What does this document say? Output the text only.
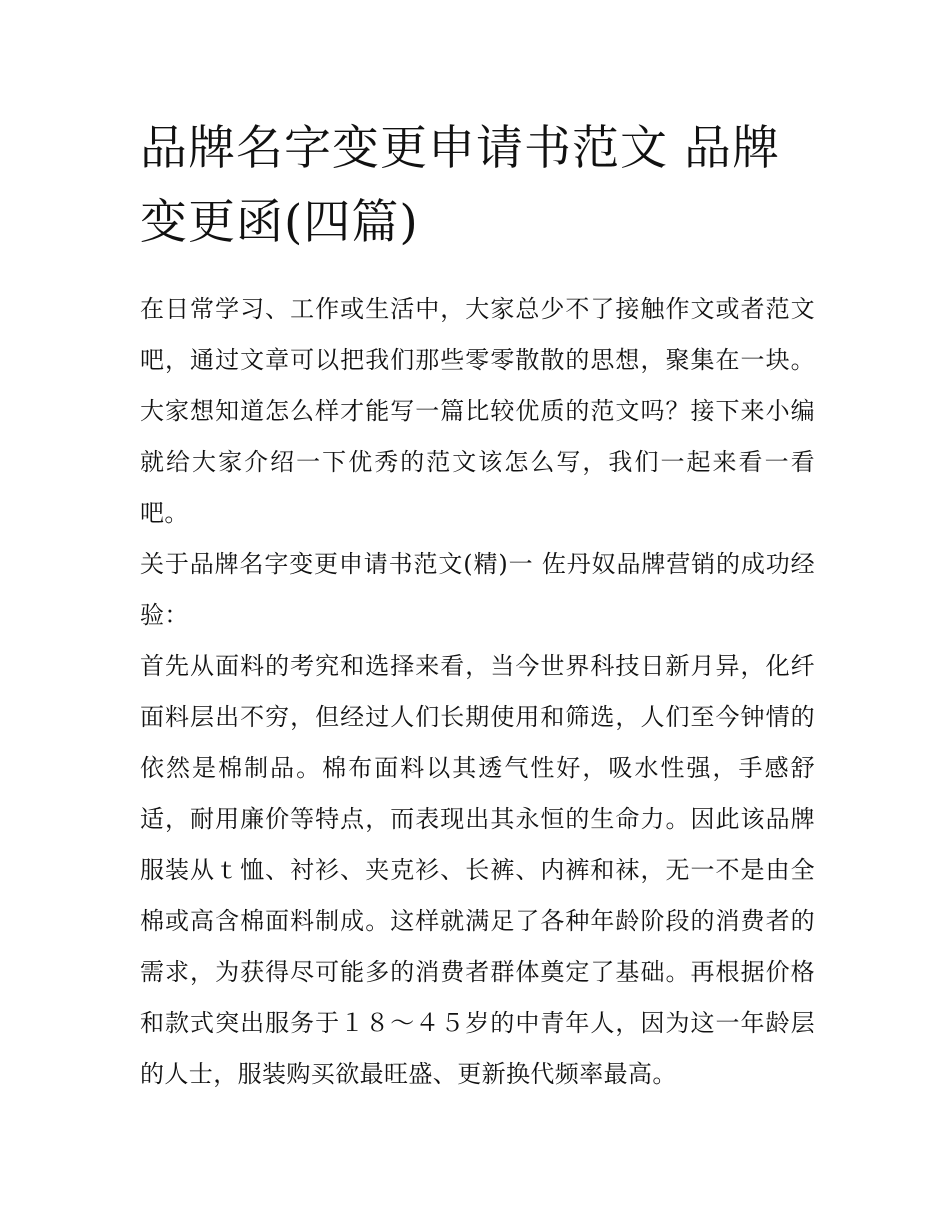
品牌名字变更申请书范文 品牌变更函(四篇)

在日常学习、工作或生活中，大家总少不了接触作文或者范文吧，通过文章可以把我们那些零零散散的思想，聚集在一块。大家想知道怎么样才能写一篇比较优质的范文吗？接下来小编就给大家介绍一下优秀的范文该怎么写，我们一起来看一看吧。

关于品牌名字变更申请书范文(精)一 佐丹奴品牌营销的成功经验：

首先从面料的考究和选择来看，当今世界科技日新月异，化纤面料层出不穷，但经过人们长期使用和筛选，人们至今钟情的依然是棉制品。棉布面料以其透气性好，吸水性强，手感舒适，耐用廉价等特点，而表现出其永恒的生命力。因此该品牌服装从ｔ恤、衬衫、夹克衫、长裤、内裤和袜，无一不是由全棉或高含棉面料制成。这样就满足了各种年龄阶段的消费者的需求，为获得尽可能多的消费者群体奠定了基础。再根据价格和款式突出服务于１８～４５岁的中青年人，因为这一年龄层的人士，服装购买欲最旺盛、更新换代频率最高。
